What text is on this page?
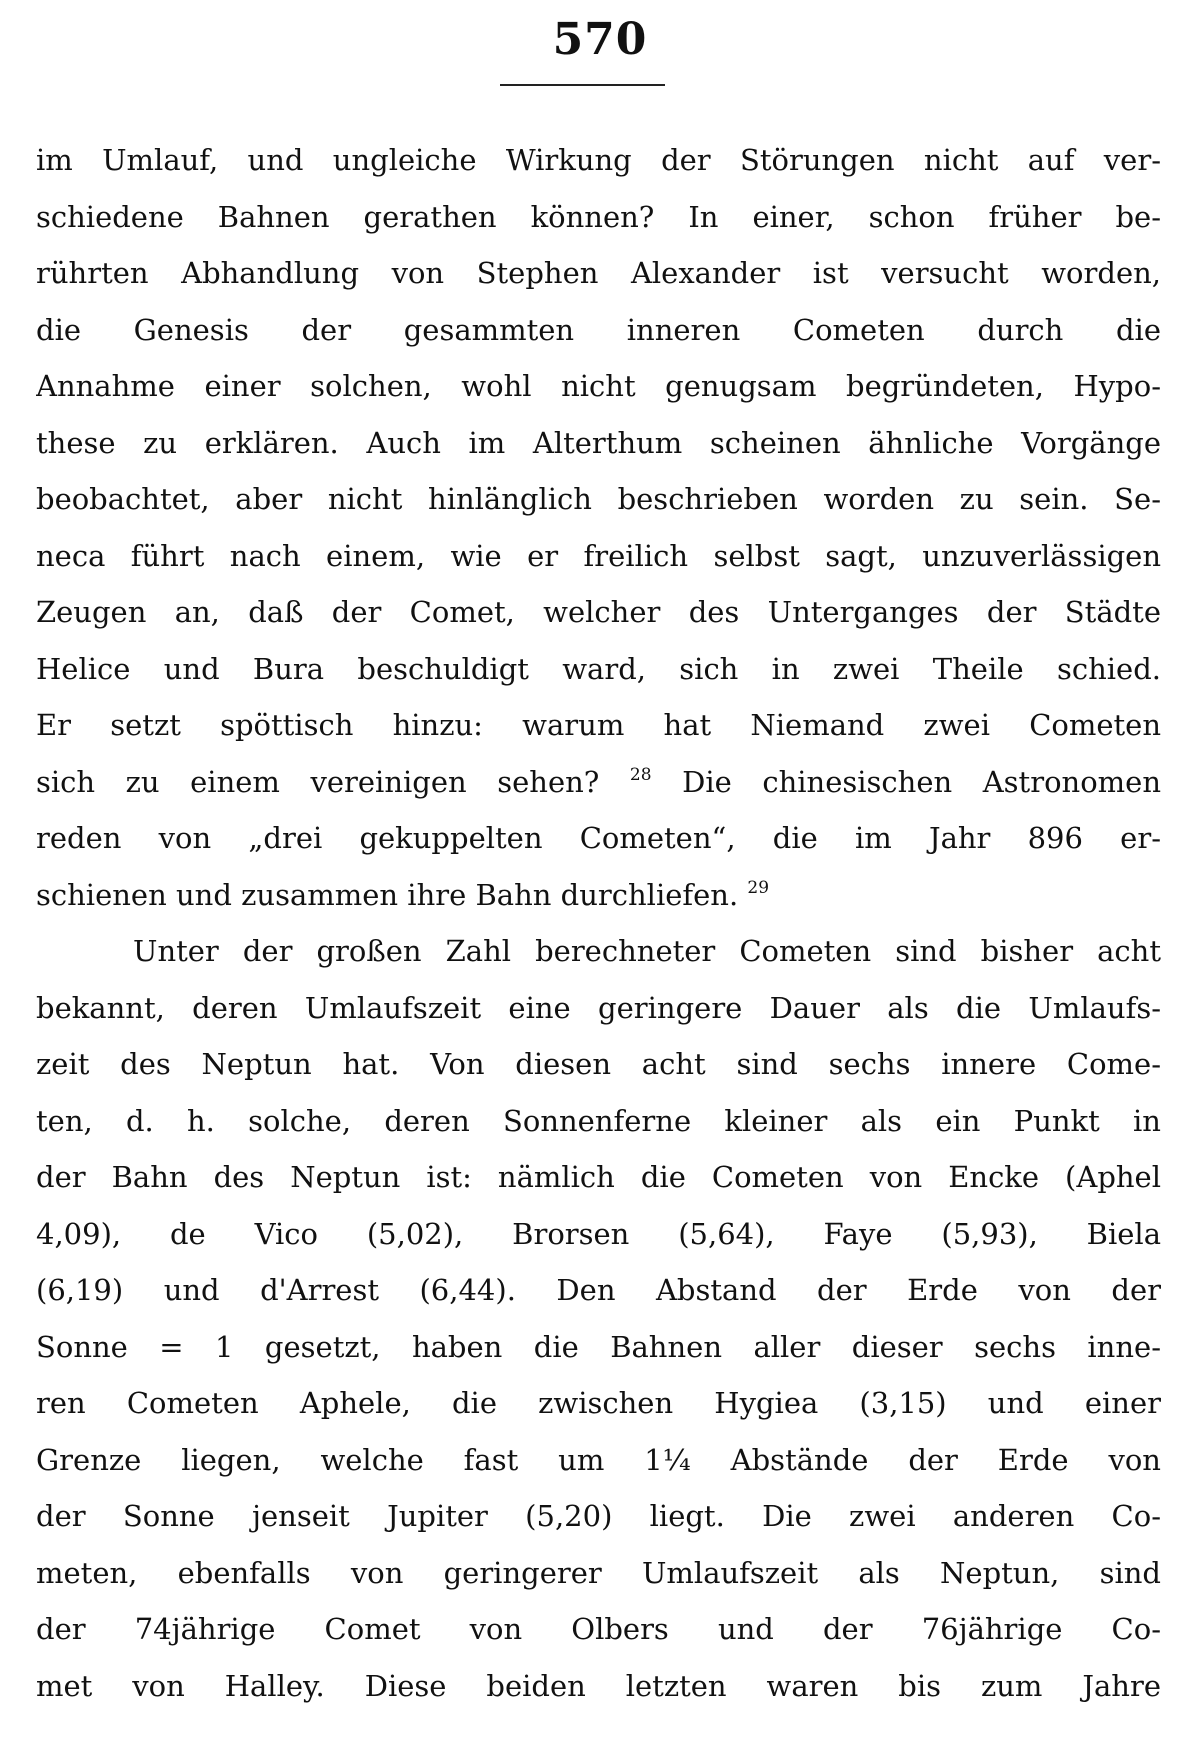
570
im Umlauf, und ungleiche Wirkung der Störungen nicht auf ver-
schiedene Bahnen gerathen können? In einer, schon früher be-
rührten Abhandlung von Stephen Alexander ist versucht worden,
die Genesis der gesammten inneren Cometen durch die
Annahme einer solchen, wohl nicht genugsam begründeten, Hypo-
these zu erklären. Auch im Alterthum scheinen ähnliche Vorgänge
beobachtet, aber nicht hinlänglich beschrieben worden zu sein. Se-
neca führt nach einem, wie er freilich selbst sagt, unzuverlässigen
Zeugen an, daß der Comet, welcher des Unterganges der Städte
Helice und Bura beschuldigt ward, sich in zwei Theile schied.
Er setzt spöttisch hinzu: warum hat Niemand zwei Cometen
sich zu einem vereinigen sehen? $^{28}$ Die chinesischen Astronomen
reden von „drei gekuppelten Cometen“, die im Jahr 896 er-
schienen und zusammen ihre Bahn durchliefen. $^{29}$
Unter der großen Zahl berechneter Cometen sind bisher acht
bekannt, deren Umlaufszeit eine geringere Dauer als die Umlaufs-
zeit des Neptun hat. Von diesen acht sind sechs innere Come-
ten, d. h. solche, deren Sonnenferne kleiner als ein Punkt in
der Bahn des Neptun ist: nämlich die Cometen von Encke (Aphel
4,09), de Vico (5,02), Brorsen (5,64), Faye (5,93), Biela
(6,19) und d'Arrest (6,44). Den Abstand der Erde von der
Sonne = 1 gesetzt, haben die Bahnen aller dieser sechs inne-
ren Cometen Aphele, die zwischen Hygiea (3,15) und einer
Grenze liegen, welche fast um 1¼ Abstände der Erde von
der Sonne jenseit Jupiter (5,20) liegt. Die zwei anderen Co-
meten, ebenfalls von geringerer Umlaufszeit als Neptun, sind
der 74jährige Comet von Olbers und der 76jährige Co-
met von Halley. Diese beiden letzten waren bis zum Jahre
